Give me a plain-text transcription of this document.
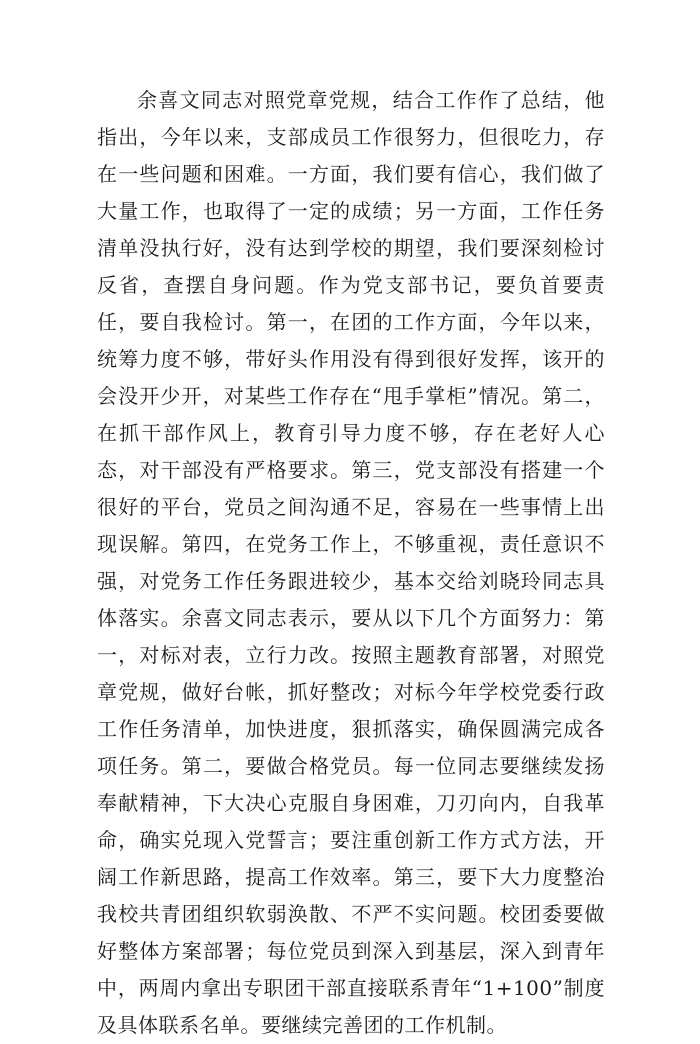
余喜文同志对照党章党规，结合工作作了总结，他指出，今年以来，支部成员工作很努力，但很吃力，存在一些问题和困难。一方面，我们要有信心，我们做了大量工作，也取得了一定的成绩；另一方面，工作任务清单没执行好，没有达到学校的期望，我们要深刻检讨反省，查摆自身问题。作为党支部书记，要负首要责任，要自我检讨。第一，在团的工作方面，今年以来，统筹力度不够，带好头作用没有得到很好发挥，该开的会没开少开，对某些工作存在“甩手掌柜”情况。第二，在抓干部作风上，教育引导力度不够，存在老好人心态，对干部没有严格要求。第三，党支部没有搭建一个很好的平台，党员之间沟通不足，容易在一些事情上出现误解。第四，在党务工作上，不够重视，责任意识不强，对党务工作任务跟进较少，基本交给刘晓玲同志具体落实。余喜文同志表示，要从以下几个方面努力：第一，对标对表，立行力改。按照主题教育部署，对照党章党规，做好台帐，抓好整改；对标今年学校党委行政工作任务清单，加快进度，狠抓落实，确保圆满完成各项任务。第二，要做合格党员。每一位同志要继续发扬奉献精神，下大决心克服自身困难，刀刃向内，自我革命，确实兑现入党誓言；要注重创新工作方式方法，开阔工作新思路，提高工作效率。第三，要下大力度整治我校共青团组织软弱涣散、不严不实问题。校团委要做好整体方案部署；每位党员到深入到基层，深入到青年中，两周内拿出专职团干部直接联系青年“1+100”制度及具体联系名单。要继续完善团的工作机制。
